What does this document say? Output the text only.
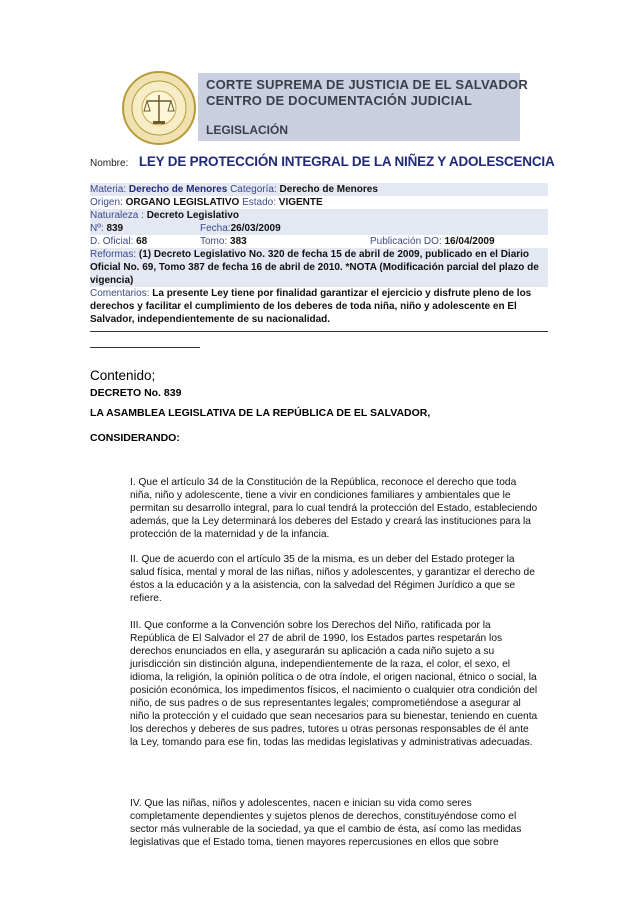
CORTE SUPREMA DE JUSTICIA DE EL SALVADOR
CENTRO DE DOCUMENTACIÓN JUDICIAL
LEGISLACIÓN
Nombre: LEY DE PROTECCIÓN INTEGRAL DE LA NIÑEZ Y ADOLESCENCIA
Materia: Derecho de Menores Categoría: Derecho de Menores
Origen: ORGANO LEGISLATIVO Estado: VIGENTE
Naturaleza : Decreto Legislativo
Nº: 839	Fecha:26/03/2009
D. Oficial: 68	Tomo: 383	Publicación DO: 16/04/2009
Reformas: (1) Decreto Legislativo No. 320 de fecha 15 de abril de 2009, publicado en el Diario Oficial No. 69, Tomo 387 de fecha 16 de abril de 2010. *NOTA (Modificación parcial del plazo de vigencia)
Comentarios: La presente Ley tiene por finalidad garantizar el ejercicio y disfrute pleno de los derechos y facilitar el cumplimiento de los deberes de toda niña, niño y adolescente en El Salvador, independientemente de su nacionalidad.
Contenido;
DECRETO No. 839
LA ASAMBLEA LEGISLATIVA DE LA REPÚBLICA DE EL SALVADOR,
CONSIDERANDO:
I. Que el artículo 34 de la Constitución de la República, reconoce el derecho que toda niña, niño y adolescente, tiene a vivir en condiciones familiares y ambientales que le permitan su desarrollo integral, para lo cual tendrá la protección del Estado, estableciendo además, que la Ley determinará los deberes del Estado y creará las instituciones para la protección de la maternidad y de la infancia.
II. Que de acuerdo con el artículo 35 de la misma, es un deber del Estado proteger la salud física, mental y moral de las niñas, niños y adolescentes, y garantizar el derecho de éstos a la educación y a la asistencia, con la salvedad del Régimen Jurídico a que se refiere.
III. Que conforme a la Convención sobre los Derechos del Niño, ratificada por la República de El Salvador el 27 de abril de 1990, los Estados partes respetarán los derechos enunciados en ella, y asegurarán su aplicación a cada niño sujeto a su jurisdicción sin distinción alguna, independientemente de la raza, el color, el sexo, el idioma, la religión, la opinión política o de otra índole, el origen nacional, étnico o social, la posición económica, los impedimentos físicos, el nacimiento o cualquier otra condición del niño, de sus padres o de sus representantes legales; comprometiéndose a asegurar al niño la protección y el cuidado que sean necesarios para su bienestar, teniendo en cuenta los derechos y deberes de sus padres, tutores u otras personas responsables de él ante la Ley, tomando para ese fin, todas las medidas legislativas y administrativas adecuadas.
IV. Que las niñas, niños y adolescentes, nacen e inician su vida como seres completamente dependientes y sujetos plenos de derechos, constituyéndose como el sector más vulnerable de la sociedad, ya que el cambio de ésta, así como las medidas legislativas que el Estado toma, tienen mayores repercusiones en ellos que sobre
